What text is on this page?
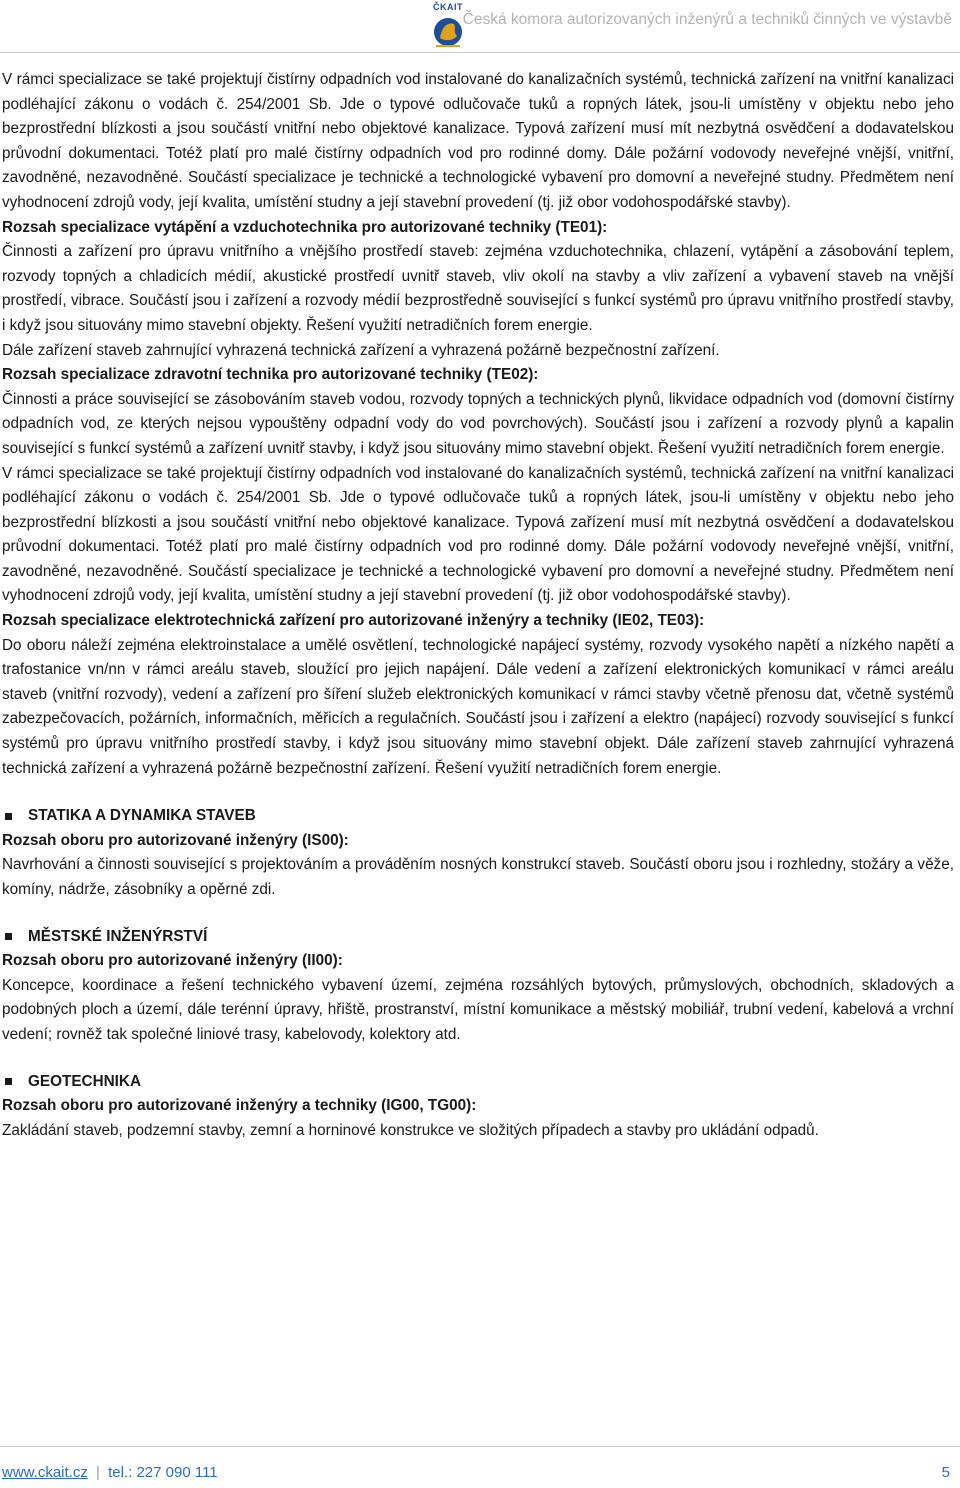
ČKAIT
Česká komora autorizovaných inženýrů a techniků činných ve výstavbě

V rámci specializace se také projektují čistírny odpadních vod instalované do kanalizačních systémů, technická zařízení na vnitřní kanalizaci podléhající zákonu o vodách č. 254/2001 Sb. Jde o typové odlučovače tuků a ropných látek, jsou-li umístěny v objektu nebo jeho bezprostřední blízkosti a jsou součástí vnitřní nebo objektové kanalizace. Typová zařízení musí mít nezbytná osvědčení a dodavatelskou průvodní dokumentaci. Totéž platí pro malé čistírny odpadních vod pro rodinné domy. Dále požární vodovody neveřejné vnější, vnitřní, zavodněné, nezavodněné. Součástí specializace je technické a technologické vybavení pro domovní a neveřejné studny. Předmětem není vyhodnocení zdrojů vody, její kvalita, umístění studny a její stavební provedení (tj. již obor vodohospodářské stavby).

Rozsah specializace vytápění a vzduchotechnika pro autorizované techniky (TE01):

Činnosti a zařízení pro úpravu vnitřního a vnějšího prostředí staveb: zejména vzduchotechnika, chlazení, vytápění a zásobování teplem, rozvody topných a chladicích médií, akustické prostředí uvnitř staveb, vliv okolí na stavby a vliv zařízení a vybavení staveb na vnější prostředí, vibrace. Součástí jsou i zařízení a rozvody médií bezprostředně související s funkcí systémů pro úpravu vnitřního prostředí stavby, i když jsou situovány mimo stavební objekty. Řešení využití netradičních forem energie.

Dále zařízení staveb zahrnující vyhrazená technická zařízení a vyhrazená požárně bezpečnostní zařízení.

Rozsah specializace zdravotní technika pro autorizované techniky (TE02):

Činnosti a práce související se zásobováním staveb vodou, rozvody topných a technických plynů, likvidace odpadních vod (domovní čistírny odpadních vod, ze kterých nejsou vypouštěny odpadní vody do vod povrchových). Součástí jsou i zařízení a rozvody plynů a kapalin související s funkcí systémů a zařízení uvnitř stavby, i když jsou situovány mimo stavební objekt. Řešení využití netradičních forem energie.

V rámci specializace se také projektují čistírny odpadních vod instalované do kanalizačních systémů, technická zařízení na vnitřní kanalizaci podléhající zákonu o vodách č. 254/2001 Sb. Jde o typové odlučovače tuků a ropných látek, jsou-li umístěny v objektu nebo jeho bezprostřední blízkosti a jsou součástí vnitřní nebo objektové kanalizace. Typová zařízení musí mít nezbytná osvědčení a dodavatelskou průvodní dokumentaci. Totéž platí pro malé čistírny odpadních vod pro rodinné domy. Dále požární vodovody neveřejné vnější, vnitřní, zavodněné, nezavodněné. Součástí specializace je technické a technologické vybavení pro domovní a neveřejné studny. Předmětem není vyhodnocení zdrojů vody, její kvalita, umístění studny a její stavební provedení (tj. již obor vodohospodářské stavby).

Rozsah specializace elektrotechnická zařízení pro autorizované inženýry a techniky (IE02, TE03):

Do oboru náleží zejména elektroinstalace a umělé osvětlení, technologické napájecí systémy, rozvody vysokého napětí a nízkého napětí a trafostanice vn/nn v rámci areálu staveb, sloužící pro jejich napájení. Dále vedení a zařízení elektronických komunikací v rámci areálu staveb (vnitřní rozvody), vedení a zařízení pro šíření služeb elektronických komunikací v rámci stavby včetně přenosu dat, včetně systémů zabezpečovacích, požárních, informačních, měřicích a regulačních. Součástí jsou i zařízení a elektro (napájecí) rozvody související s funkcí systémů pro úpravu vnitřního prostředí stavby, i když jsou situovány mimo stavební objekt. Dále zařízení staveb zahrnující vyhrazená technická zařízení a vyhrazená požárně bezpečnostní zařízení. Řešení využití netradičních forem energie.

STATIKA A DYNAMIKA STAVEB

Rozsah oboru pro autorizované inženýry (IS00):

Navrhování a činnosti související s projektováním a prováděním nosných konstrukcí staveb. Součástí oboru jsou i rozhledny, stožáry a věže, komíny, nádrže, zásobníky a opěrné zdi.

MĚSTSKÉ INŽENÝRSTVÍ

Rozsah oboru pro autorizované inženýry (II00):

Koncepce, koordinace a řešení technického vybavení území, zejména rozsáhlých bytových, průmyslových, obchodních, skladových a podobných ploch a území, dále terénní úpravy, hřiště, prostranství, místní komunikace a městský mobiliář, trubní vedení, kabelová a vrchní vedení; rovněž tak společné liniové trasy, kabelovody, kolektory atd.

GEOTECHNIKA

Rozsah oboru pro autorizované inženýry a techniky (IG00, TG00):

Zakládání staveb, podzemní stavby, zemní a horninové konstrukce ve složitých případech a stavby pro ukládání odpadů.

www.ckait.cz | tel.: 227 090 111	5
